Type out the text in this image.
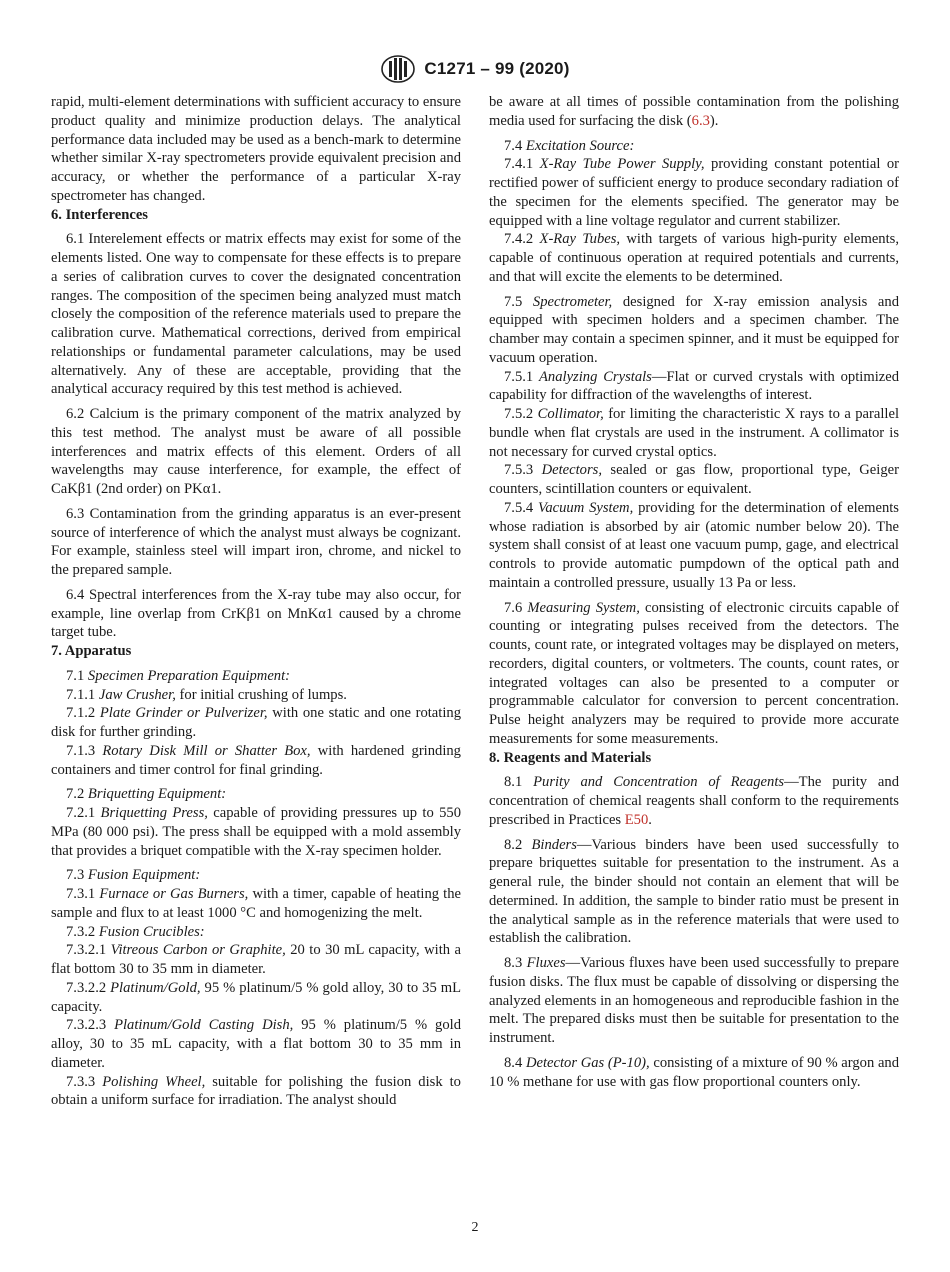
C1271 – 99 (2020)

rapid, multi-element determinations with sufficient accuracy to ensure product quality and minimize production delays. The analytical performance data included may be used as a bench-mark to determine whether similar X-ray spectrometers provide equivalent precision and accuracy, or whether the performance of a particular X-ray spectrometer has changed.

6. Interferences

6.1 Interelement effects or matrix effects may exist for some of the elements listed. One way to compensate for these effects is to prepare a series of calibration curves to cover the designated concentration ranges. The composition of the specimen being analyzed must match closely the composition of the reference materials used to prepare the calibration curve. Mathematical corrections, derived from empirical relationships or fundamental parameter calculations, may be used alternatively. Any of these are acceptable, providing that the analytical accuracy required by this test method is achieved.

6.2 Calcium is the primary component of the matrix analyzed by this test method. The analyst must be aware of all possible interferences and matrix effects of this element. Orders of all wavelengths may cause interference, for example, the effect of CaKβ1 (2nd order) on PKα1.

6.3 Contamination from the grinding apparatus is an ever-present source of interference of which the analyst must always be cognizant. For example, stainless steel will impart iron, chrome, and nickel to the prepared sample.

6.4 Spectral interferences from the X-ray tube may also occur, for example, line overlap from CrKβ1 on MnKα1 caused by a chrome target tube.

7. Apparatus

7.1 Specimen Preparation Equipment:

7.1.1 Jaw Crusher, for initial crushing of lumps.

7.1.2 Plate Grinder or Pulverizer, with one static and one rotating disk for further grinding.

7.1.3 Rotary Disk Mill or Shatter Box, with hardened grinding containers and timer control for final grinding.

7.2 Briquetting Equipment:

7.2.1 Briquetting Press, capable of providing pressures up to 550 MPa (80 000 psi). The press shall be equipped with a mold assembly that provides a briquet compatible with the X-ray specimen holder.

7.3 Fusion Equipment:

7.3.1 Furnace or Gas Burners, with a timer, capable of heating the sample and flux to at least 1000 °C and homogenizing the melt.

7.3.2 Fusion Crucibles:

7.3.2.1 Vitreous Carbon or Graphite, 20 to 30 mL capacity, with a flat bottom 30 to 35 mm in diameter.

7.3.2.2 Platinum/Gold, 95 % platinum/5 % gold alloy, 30 to 35 mL capacity.

7.3.2.3 Platinum/Gold Casting Dish, 95 % platinum/5 % gold alloy, 30 to 35 mL capacity, with a flat bottom 30 to 35 mm in diameter.

7.3.3 Polishing Wheel, suitable for polishing the fusion disk to obtain a uniform surface for irradiation. The analyst should

be aware at all times of possible contamination from the polishing media used for surfacing the disk (6.3).

7.4 Excitation Source:

7.4.1 X-Ray Tube Power Supply, providing constant potential or rectified power of sufficient energy to produce secondary radiation of the specimen for the elements specified. The generator may be equipped with a line voltage regulator and current stabilizer.

7.4.2 X-Ray Tubes, with targets of various high-purity elements, capable of continuous operation at required potentials and currents, and that will excite the elements to be determined.

7.5 Spectrometer, designed for X-ray emission analysis and equipped with specimen holders and a specimen chamber. The chamber may contain a specimen spinner, and it must be equipped for vacuum operation.

7.5.1 Analyzing Crystals—Flat or curved crystals with optimized capability for diffraction of the wavelengths of interest.

7.5.2 Collimator, for limiting the characteristic X rays to a parallel bundle when flat crystals are used in the instrument. A collimator is not necessary for curved crystal optics.

7.5.3 Detectors, sealed or gas flow, proportional type, Geiger counters, scintillation counters or equivalent.

7.5.4 Vacuum System, providing for the determination of elements whose radiation is absorbed by air (atomic number below 20). The system shall consist of at least one vacuum pump, gage, and electrical controls to provide automatic pumpdown of the optical path and maintain a controlled pressure, usually 13 Pa or less.

7.6 Measuring System, consisting of electronic circuits capable of counting or integrating pulses received from the detectors. The counts, count rate, or integrated voltages may be displayed on meters, recorders, digital counters, or voltmeters. The counts, count rates, or integrated voltages can also be presented to a computer or programmable calculator for conversion to percent concentration. Pulse height analyzers may be required to provide more accurate measurements for some measurements.

8. Reagents and Materials

8.1 Purity and Concentration of Reagents—The purity and concentration of chemical reagents shall conform to the requirements prescribed in Practices E50.

8.2 Binders—Various binders have been used successfully to prepare briquettes suitable for presentation to the instrument. As a general rule, the binder should not contain an element that will be determined. In addition, the sample to binder ratio must be present in the analytical sample as in the reference materials that were used to establish the calibration.

8.3 Fluxes—Various fluxes have been used successfully to prepare fusion disks. The flux must be capable of dissolving or dispersing the analyzed elements in an homogeneous and reproducible fashion in the melt. The prepared disks must then be suitable for presentation to the instrument.

8.4 Detector Gas (P-10), consisting of a mixture of 90 % argon and 10 % methane for use with gas flow proportional counters only.

2
